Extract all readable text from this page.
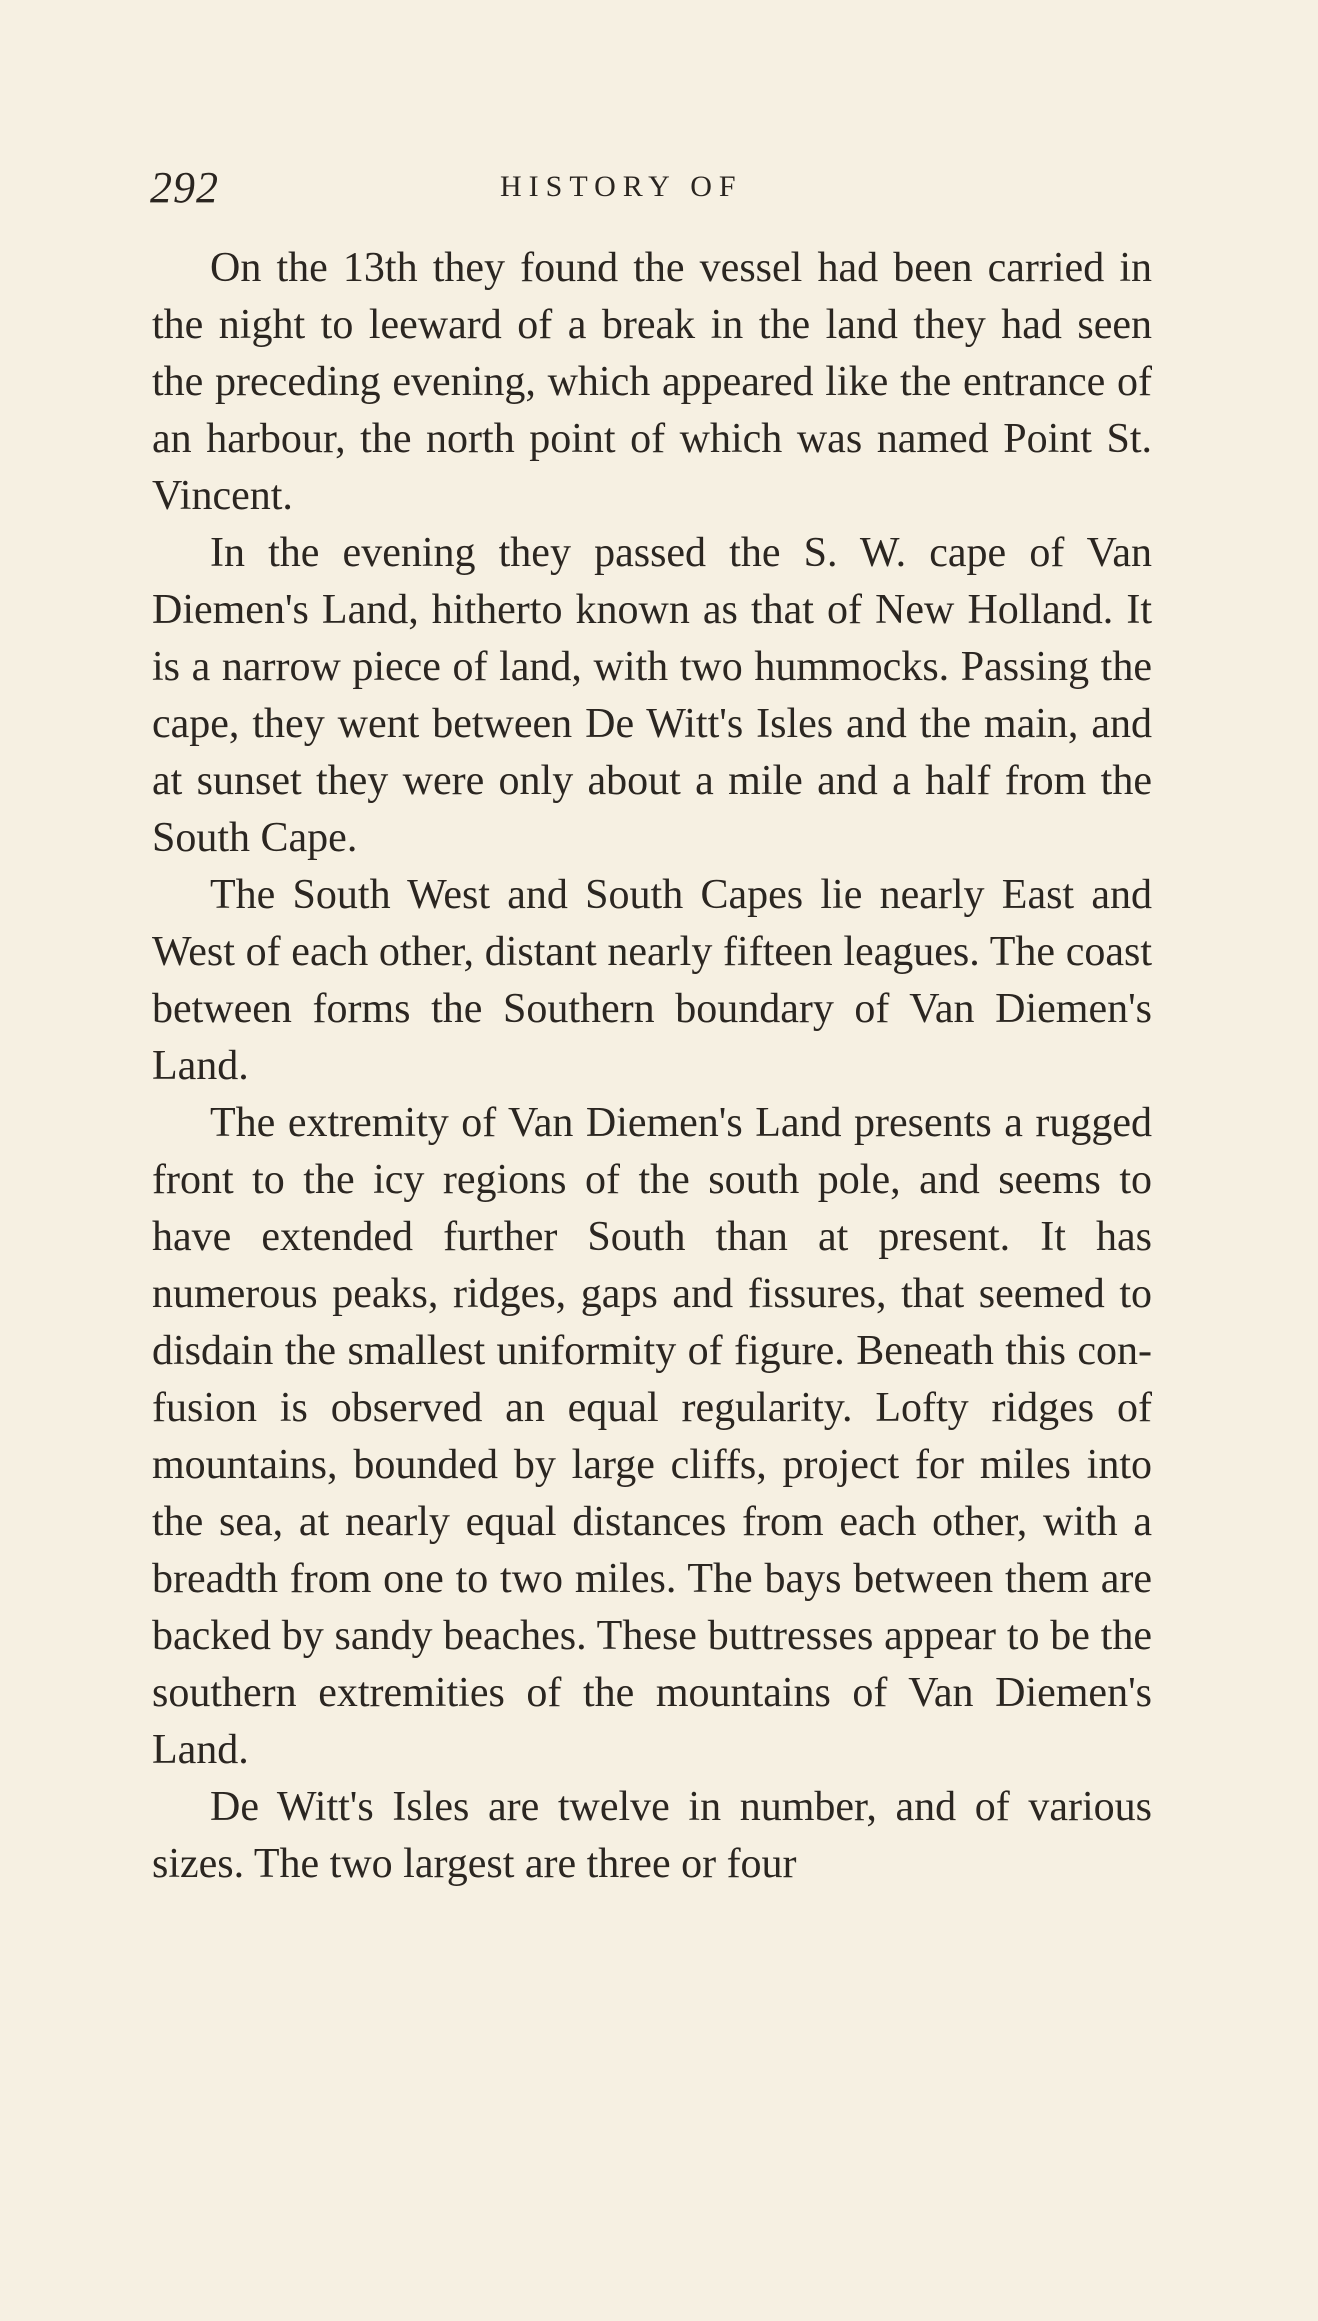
292	HISTORY OF

On the 13th they found the vessel had been carried in the night to leeward of a break in the land they had seen the preceding evening, which appeared like the entrance of an harbour, the north point of which was named Point St. Vincent.

In the evening they passed the S. W. cape of Van Diemen's Land, hitherto known as that of New Holland. It is a narrow piece of land, with two hummocks. Passing the cape, they went between De Witt's Isles and the main, and at sunset they were only about a mile and a half from the South Cape.

The South West and South Capes lie nearly East and West of each other, distant nearly fifteen leagues. The coast between forms the Southern boundary of Van Diemen's Land.

The extremity of Van Diemen's Land presents a rugged front to the icy regions of the south pole, and seems to have extended further South than at present. It has numerous peaks, ridges, gaps and fissures, that seemed to disdain the smallest uniformity of figure. Beneath this confusion is observed an equal regularity. Lofty ridges of mountains, bounded by large cliffs, project for miles into the sea, at nearly equal distances from each other, with a breadth from one to two miles. The bays between them are backed by sandy beaches. These buttresses appear to be the southern extremities of the mountains of Van Diemen's Land.

De Witt's Isles are twelve in number, and of various sizes. The two largest are three or four
